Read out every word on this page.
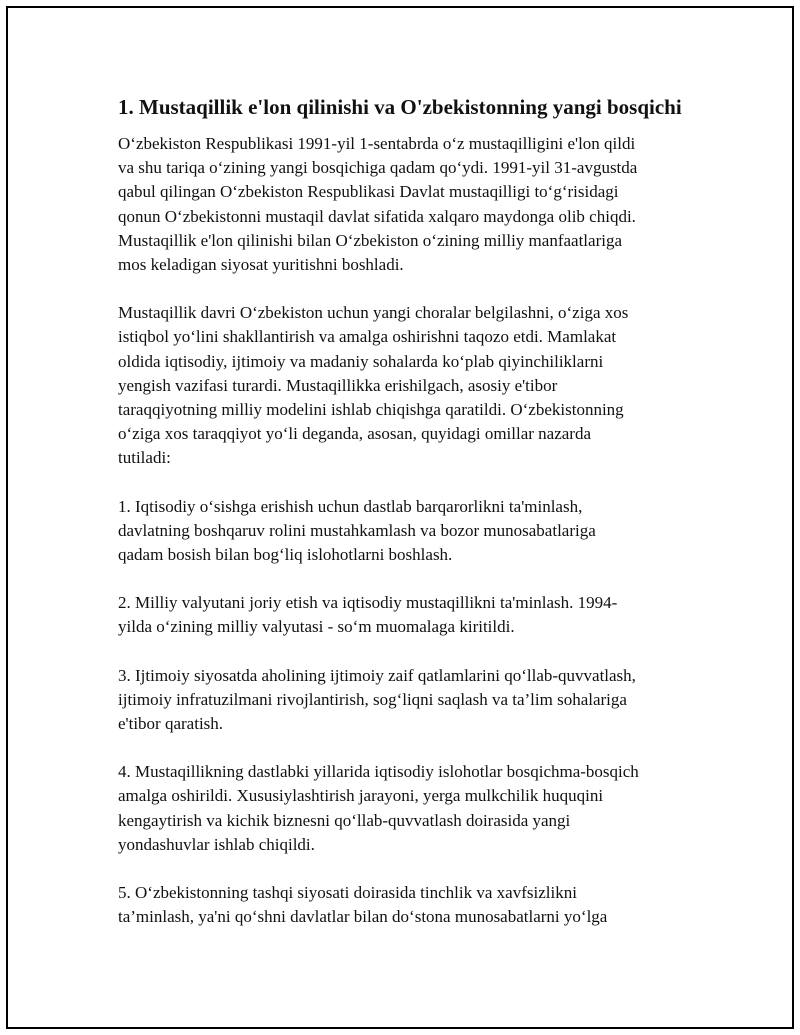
1. Mustaqillik e'lon qilinishi va O'zbekistonning yangi bosqichi

O‘zbekiston Respublikasi 1991-yil 1-sentabrda o‘z mustaqilligini e'lon qildi
va shu tariqa o‘zining yangi bosqichiga qadam qo‘ydi. 1991-yil 31-avgustda
qabul qilingan O‘zbekiston Respublikasi Davlat mustaqilligi to‘g‘risidagi
qonun O‘zbekistonni mustaqil davlat sifatida xalqaro maydonga olib chiqdi.
Mustaqillik e'lon qilinishi bilan O‘zbekiston o‘zining milliy manfaatlariga
mos keladigan siyosat yuritishni boshladi.

Mustaqillik davri O‘zbekiston uchun yangi choralar belgilashni, o‘ziga xos
istiqbol yo‘lini shakllantirish va amalga oshirishni taqozo etdi. Mamlakat
oldida iqtisodiy, ijtimoiy va madaniy sohalarda ko‘plab qiyinchiliklarni
yengish vazifasi turardi. Mustaqillikka erishilgach, asosiy e'tibor
taraqqiyotning milliy modelini ishlab chiqishga qaratildi. O‘zbekistonning
o‘ziga xos taraqqiyot yo‘li deganda, asosan, quyidagi omillar nazarda
tutiladi:

1. Iqtisodiy o‘sishga erishish uchun dastlab barqarorlikni ta'minlash,
davlatning boshqaruv rolini mustahkamlash va bozor munosabatlariga
qadam bosish bilan bog‘liq islohotlarni boshlash.

2. Milliy valyutani joriy etish va iqtisodiy mustaqillikni ta'minlash. 1994-
yilda o‘zining milliy valyutasi - so‘m muomalaga kiritildi.

3. Ijtimoiy siyosatda aholining ijtimoiy zaif qatlamlarini qo‘llab-quvvatlash,
ijtimoiy infratuzilmani rivojlantirish, sog‘liqni saqlash va ta’lim sohalariga
e'tibor qaratish.

4. Mustaqillikning dastlabki yillarida iqtisodiy islohotlar bosqichma-bosqich
amalga oshirildi. Xususiylashtirish jarayoni, yerga mulkchilik huquqini
kengaytirish va kichik biznesni qo‘llab-quvvatlash doirasida yangi
yondashuvlar ishlab chiqildi.

5. O‘zbekistonning tashqi siyosati doirasida tinchlik va xavfsizlikni
ta’minlash, ya'ni qo‘shni davlatlar bilan do‘stona munosabatlarni yo‘lga
